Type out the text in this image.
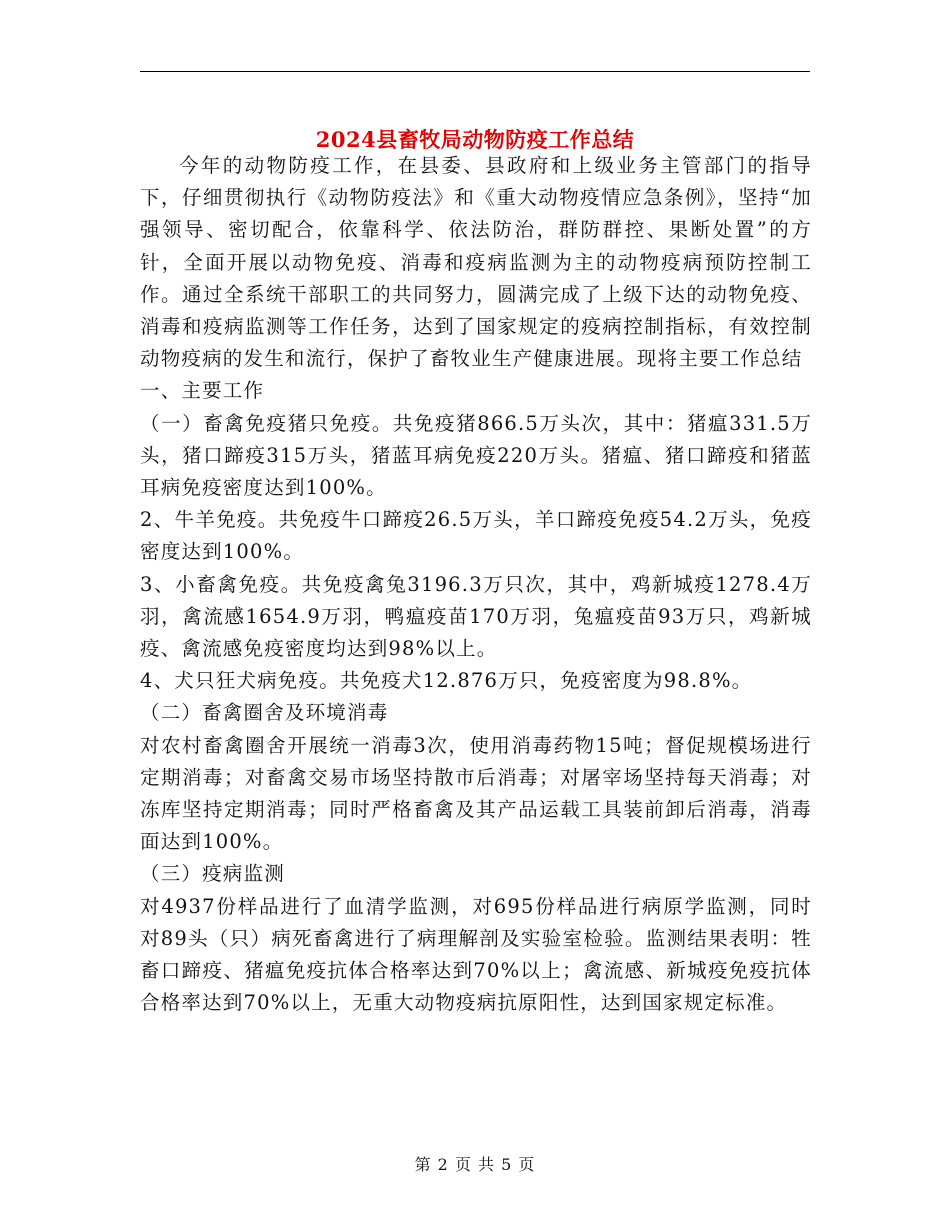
2024县畜牧局动物防疫工作总结

今年的动物防疫工作，在县委、县政府和上级业务主管部门的指导下，仔细贯彻执行《动物防疫法》和《重大动物疫情应急条例》，坚持“加强领导、密切配合，依靠科学、依法防治，群防群控、果断处置”的方针，全面开展以动物免疫、消毒和疫病监测为主的动物疫病预防控制工作。通过全系统干部职工的共同努力，圆满完成了上级下达的动物免疫、消毒和疫病监测等工作任务，达到了国家规定的疫病控制指标，有效控制动物疫病的发生和流行，保护了畜牧业生产健康进展。现将主要工作总结

一、主要工作

（一）畜禽免疫猪只免疫。共免疫猪866.5万头次，其中：猪瘟331.5万头，猪口蹄疫315万头，猪蓝耳病免疫220万头。猪瘟、猪口蹄疫和猪蓝耳病免疫密度达到100%。

2、牛羊免疫。共免疫牛口蹄疫26.5万头，羊口蹄疫免疫54.2万头，免疫密度达到100%。

3、小畜禽免疫。共免疫禽兔3196.3万只次，其中，鸡新城疫1278.4万羽，禽流感1654.9万羽，鸭瘟疫苗170万羽，兔瘟疫苗93万只，鸡新城疫、禽流感免疫密度均达到98%以上。

4、犬只狂犬病免疫。共免疫犬12.876万只，免疫密度为98.8%。

（二）畜禽圈舍及环境消毒

对农村畜禽圈舍开展统一消毒3次，使用消毒药物15吨；督促规模场进行定期消毒；对畜禽交易市场坚持散市后消毒；对屠宰场坚持每天消毒；对冻库坚持定期消毒；同时严格畜禽及其产品运载工具装前卸后消毒，消毒面达到100%。

（三）疫病监测

对4937份样品进行了血清学监测，对695份样品进行病原学监测，同时对89头（只）病死畜禽进行了病理解剖及实验室检验。监测结果表明：牲畜口蹄疫、猪瘟免疫抗体合格率达到70%以上；禽流感、新城疫免疫抗体合格率达到70%以上，无重大动物疫病抗原阳性，达到国家规定标准。

第 2 页 共 5 页
